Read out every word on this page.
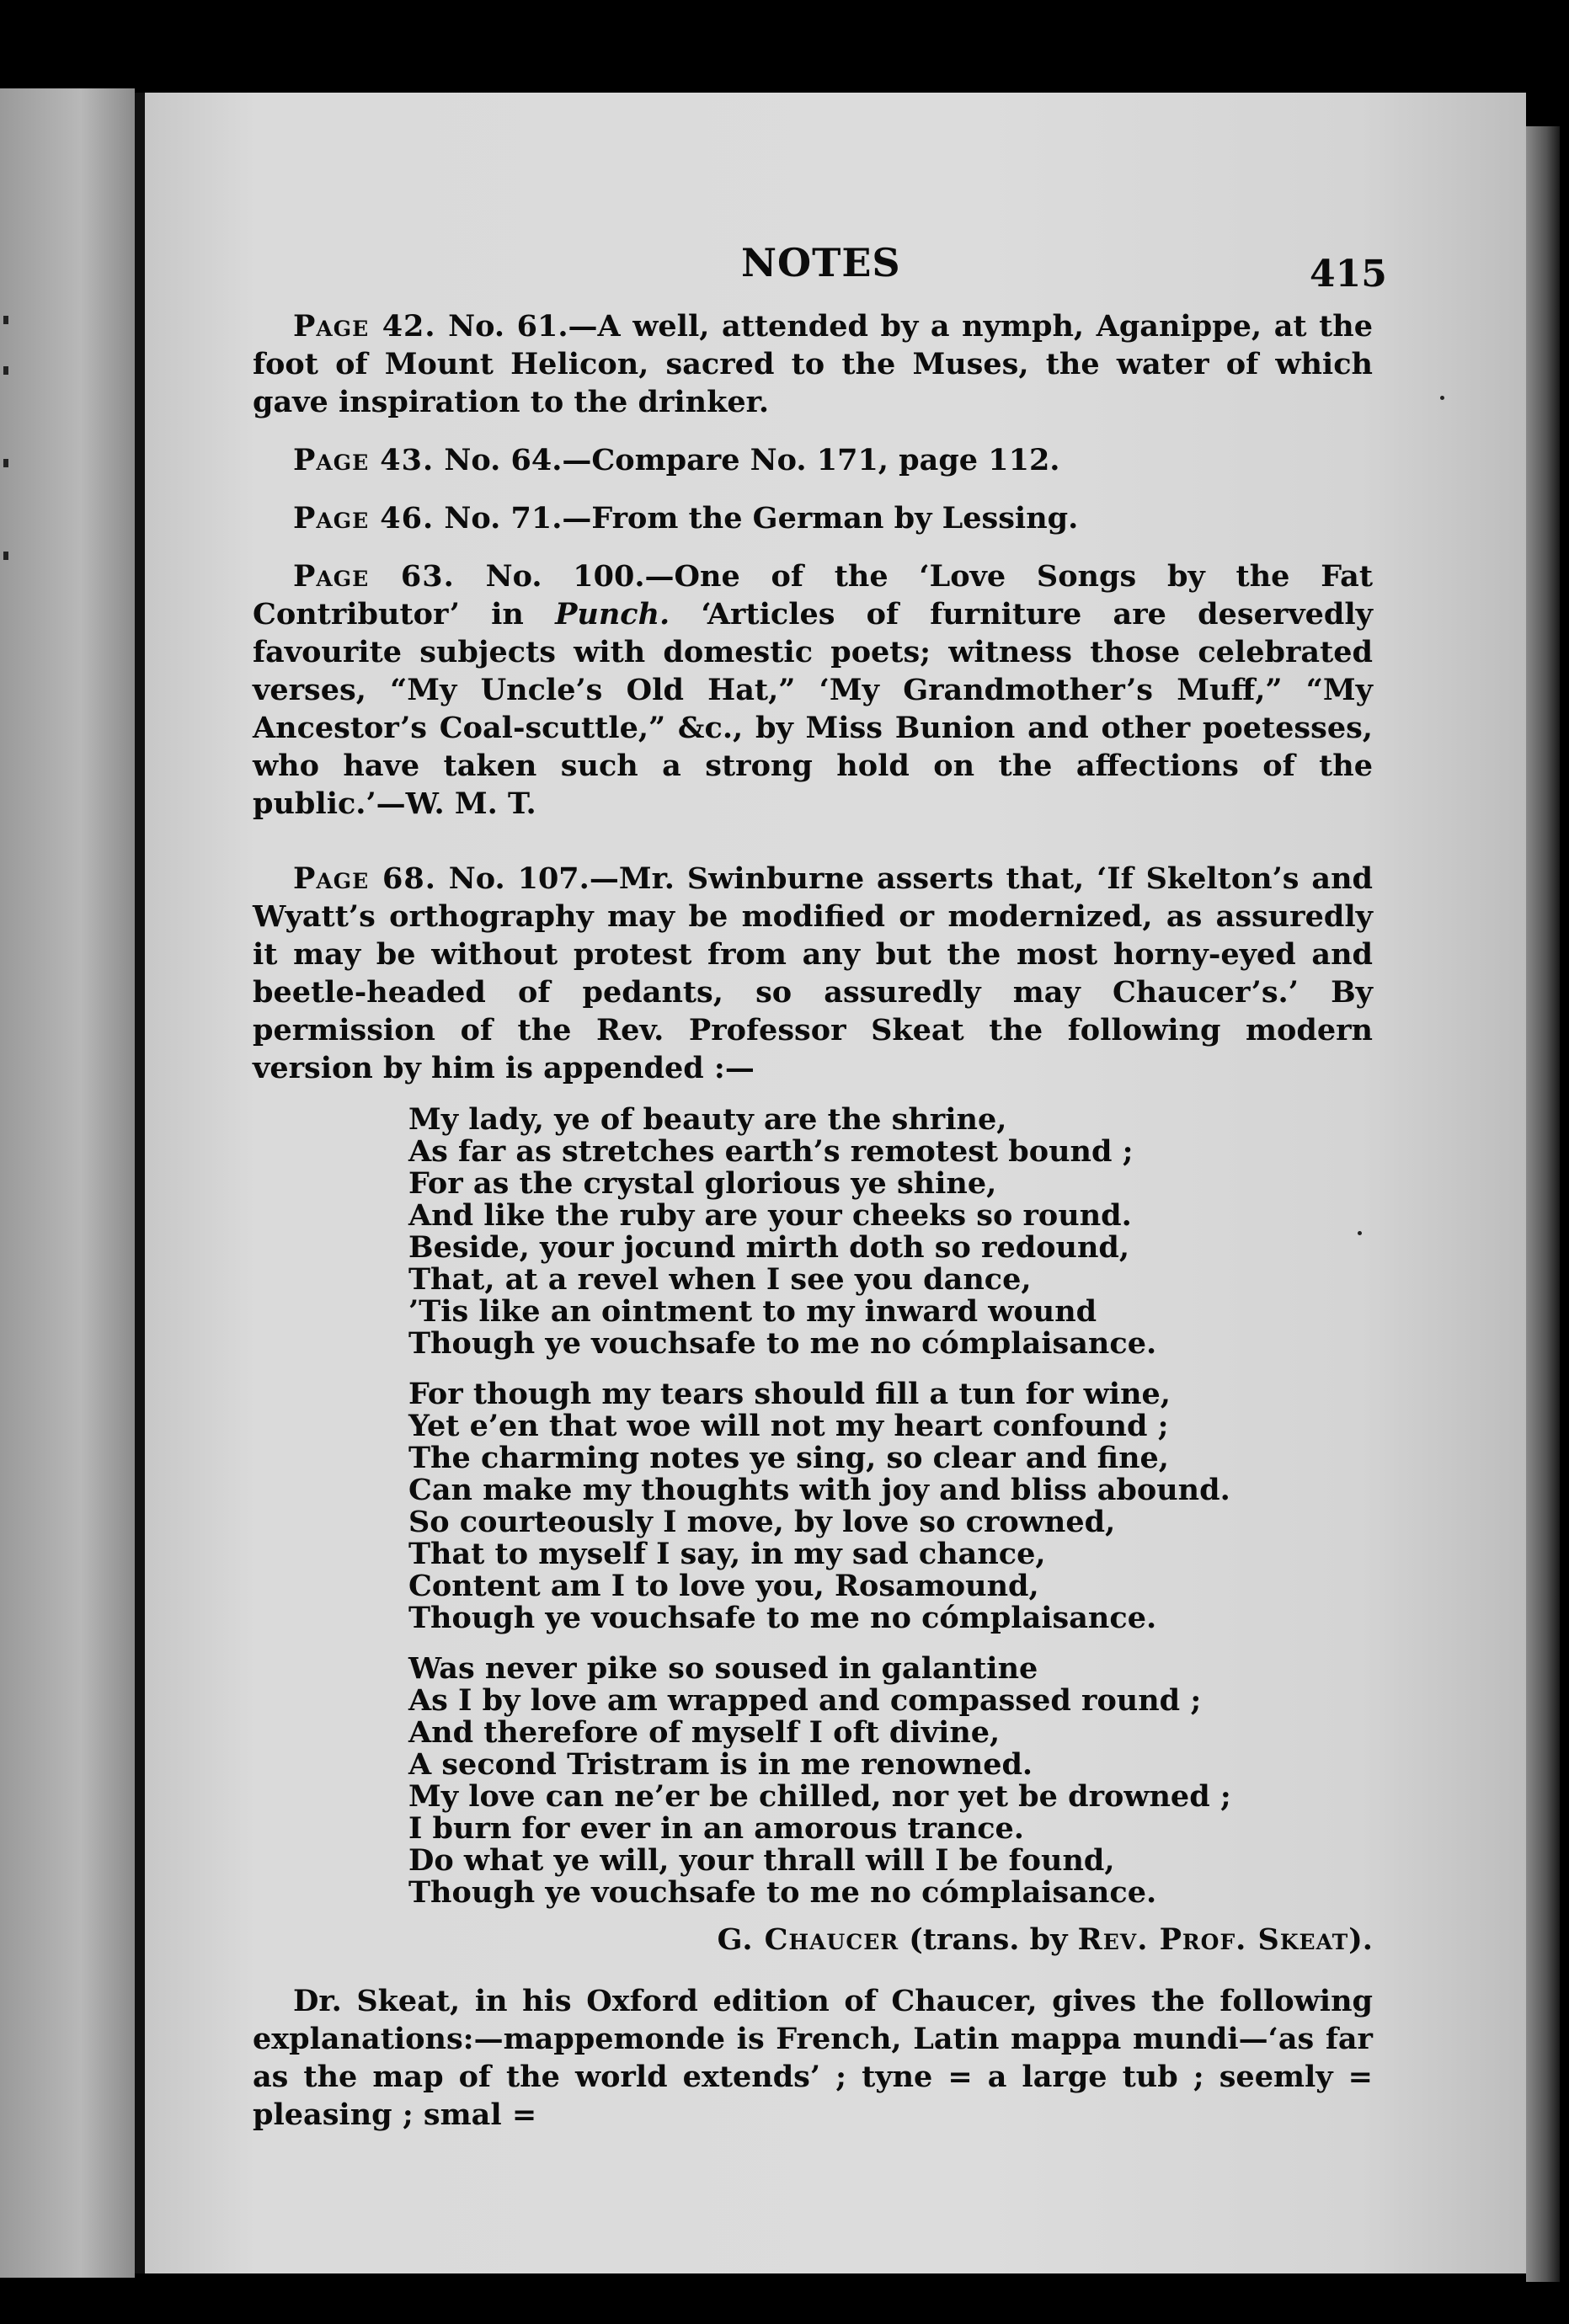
NOTES	415

Page 42. No. 61.—A well, attended by a nymph, Aganippe, at the foot of Mount Helicon, sacred to the Muses, the water of which gave inspiration to the drinker.

Page 43. No. 64.—Compare No. 171, page 112.

Page 46. No. 71.—From the German by Lessing.

Page 63. No. 100.—One of the ‘Love Songs by the Fat Contributor’ in Punch. ‘Articles of furniture are deservedly favourite subjects with domestic poets; witness those celebrated verses, “My Uncle’s Old Hat,” ‘My Grandmother’s Muff,” “My Ancestor’s Coal-scuttle,” &c., by Miss Bunion and other poetesses, who have taken such a strong hold on the affections of the public.’—W. M. T.

Page 68. No. 107.—Mr. Swinburne asserts that, ‘If Skelton’s and Wyatt’s orthography may be modified or modernized, as assuredly it may be without protest from any but the most horny-eyed and beetle-headed of pedants, so assuredly may Chaucer’s.’ By permission of the Rev. Professor Skeat the following modern version by him is appended :—

My lady, ye of beauty are the shrine,
As far as stretches earth’s remotest bound ;
For as the crystal glorious ye shine,
And like the ruby are your cheeks so round.
Beside, your jocund mirth doth so redound,
That, at a revel when I see you dance,
’Tis like an ointment to my inward wound
Though ye vouchsafe to me no cómplaisance.
For though my tears should fill a tun for wine,
Yet e’en that woe will not my heart confound ;
The charming notes ye sing, so clear and fine,
Can make my thoughts with joy and bliss abound.
So courteously I move, by love so crowned,
That to myself I say, in my sad chance,
Content am I to love you, Rosamound,
Though ye vouchsafe to me no cómplaisance.
Was never pike so soused in galantine
As I by love am wrapped and compassed round ;
And therefore of myself I oft divine,
A second Tristram is in me renowned.
My love can ne’er be chilled, nor yet be drowned ;
I burn for ever in an amorous trance.
Do what ye will, your thrall will I be found,
Though ye vouchsafe to me no cómplaisance.

G. Chaucer (trans. by Rev. Prof. Skeat).

Dr. Skeat, in his Oxford edition of Chaucer, gives the following explanations:—mappemonde is French, Latin mappa mundi—‘as far as the map of the world extends’ ; tyne = a large tub ; seemly = pleasing ; smal =
